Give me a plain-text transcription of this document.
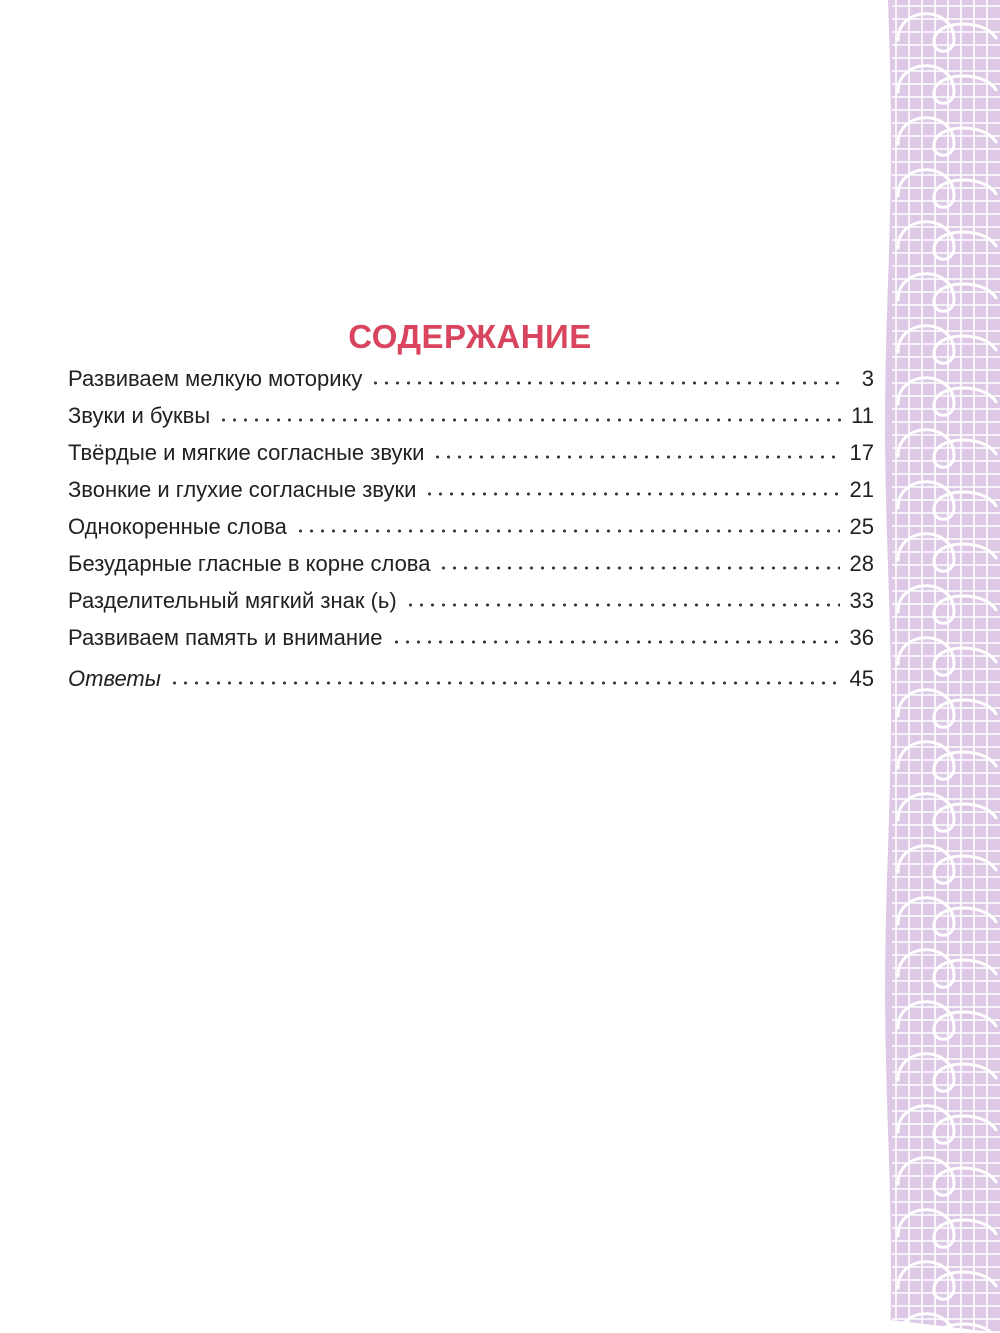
СОДЕРЖАНИЕ
Развиваем мелкую моторику	3
Звуки и буквы	11
Твёрдые и мягкие согласные звуки	17
Звонкие и глухие согласные звуки	21
Однокоренные слова	25
Безударные гласные в корне слова	28
Разделительный мягкий знак (ь)	33
Развиваем память и внимание	36
Ответы	45
